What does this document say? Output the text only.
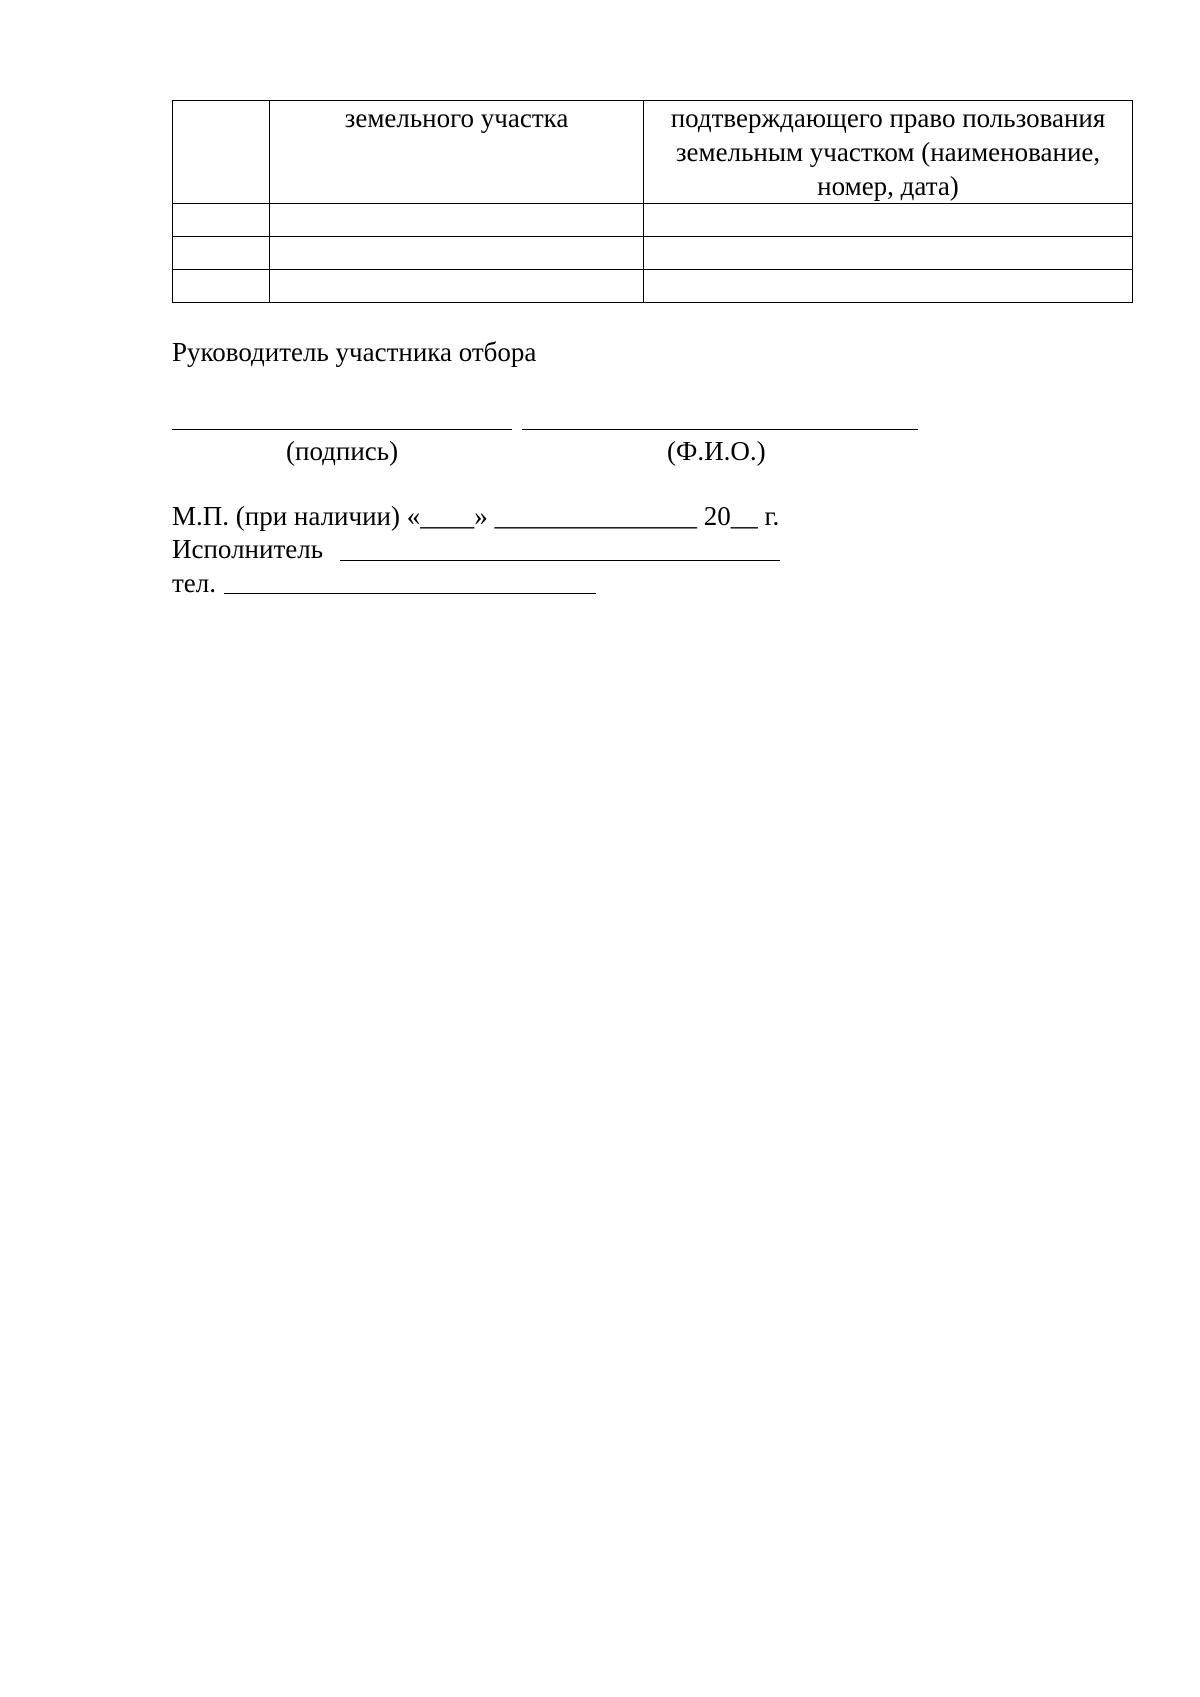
	земельного участка	подтверждающего право пользования земельным участком (наименование, номер, дата)

Руководитель участника отбора
(подпись)	(Ф.И.О.)
М.П. (при наличии) «____» _______________ 20__ г.
Исполнитель
тел.
